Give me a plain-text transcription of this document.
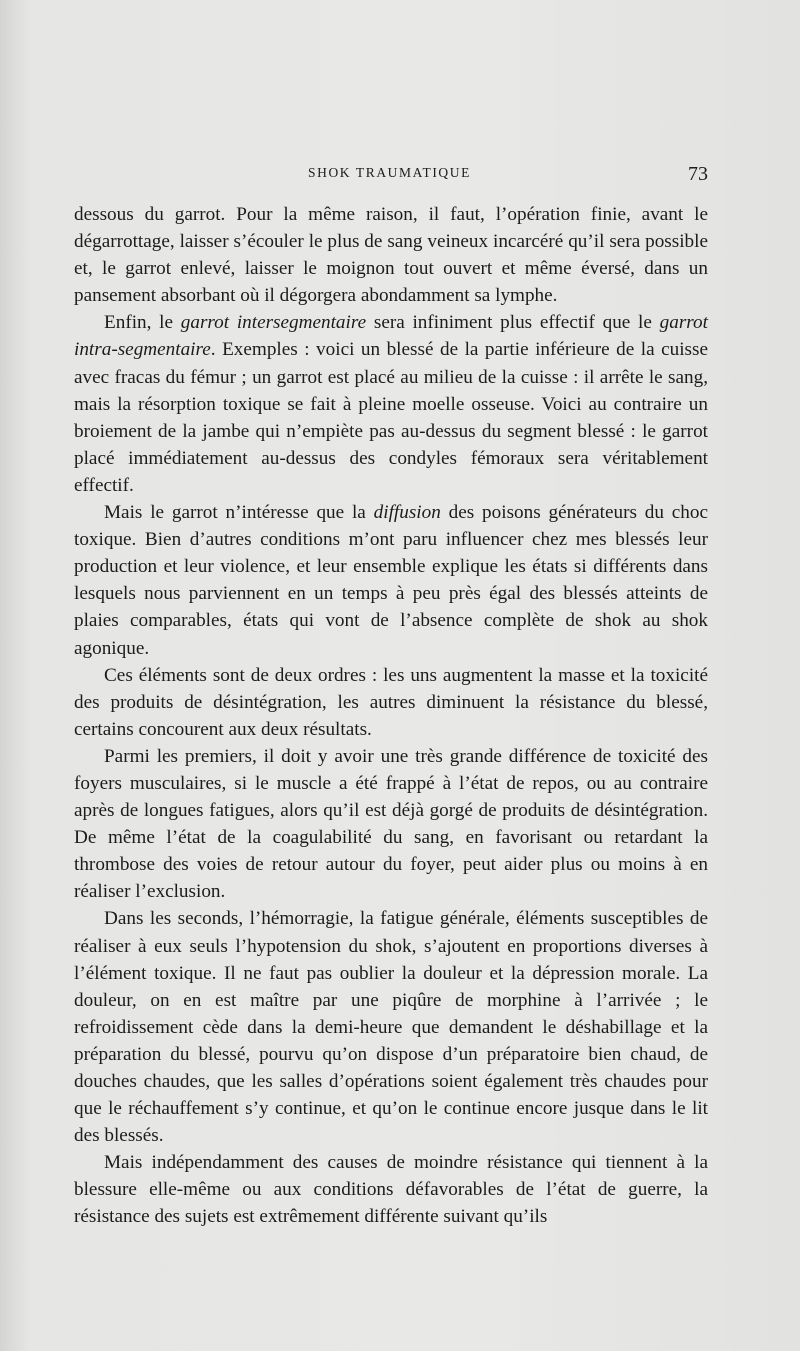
SHOK TRAUMATIQUE	73

dessous du garrot. Pour la même raison, il faut, l’opération finie, avant le dégarrottage, laisser s’écouler le plus de sang veineux incarcéré qu’il sera possible et, le garrot enlevé, laisser le moignon tout ouvert et même éversé, dans un pansement absorbant où il dégorgera abondamment sa lymphe.

Enfin, le garrot intersegmentaire sera infiniment plus effectif que le garrot intra-segmentaire. Exemples : voici un blessé de la partie inférieure de la cuisse avec fracas du fémur ; un garrot est placé au milieu de la cuisse : il arrête le sang, mais la résorption toxique se fait à pleine moelle osseuse. Voici au contraire un broiement de la jambe qui n’empiète pas au-dessus du segment blessé : le garrot placé immédiatement au-dessus des condyles fémoraux sera véritablement effectif.

Mais le garrot n’intéresse que la diffusion des poisons générateurs du choc toxique. Bien d’autres conditions m’ont paru influencer chez mes blessés leur production et leur violence, et leur ensemble explique les états si différents dans lesquels nous parviennent en un temps à peu près égal des blessés atteints de plaies comparables, états qui vont de l’absence complète de shok au shok agonique.

Ces éléments sont de deux ordres : les uns augmentent la masse et la toxicité des produits de désintégration, les autres diminuent la résistance du blessé, certains concourent aux deux résultats.

Parmi les premiers, il doit y avoir une très grande différence de toxicité des foyers musculaires, si le muscle a été frappé à l’état de repos, ou au contraire après de longues fatigues, alors qu’il est déjà gorgé de produits de désintégration. De même l’état de la coagulabilité du sang, en favorisant ou retardant la thrombose des voies de retour autour du foyer, peut aider plus ou moins à en réaliser l’exclusion.

Dans les seconds, l’hémorragie, la fatigue générale, éléments susceptibles de réaliser à eux seuls l’hypotension du shok, s’ajoutent en proportions diverses à l’élément toxique. Il ne faut pas oublier la douleur et la dépression morale. La douleur, on en est maître par une piqûre de morphine à l’arrivée ; le refroidissement cède dans la demi-heure que demandent le déshabillage et la préparation du blessé, pourvu qu’on dispose d’un préparatoire bien chaud, de douches chaudes, que les salles d’opérations soient également très chaudes pour que le réchauffement s’y continue, et qu’on le continue encore jusque dans le lit des blessés.

Mais indépendamment des causes de moindre résistance qui tiennent à la blessure elle-même ou aux conditions défavorables de l’état de guerre, la résistance des sujets est extrêmement différente suivant qu’ils
